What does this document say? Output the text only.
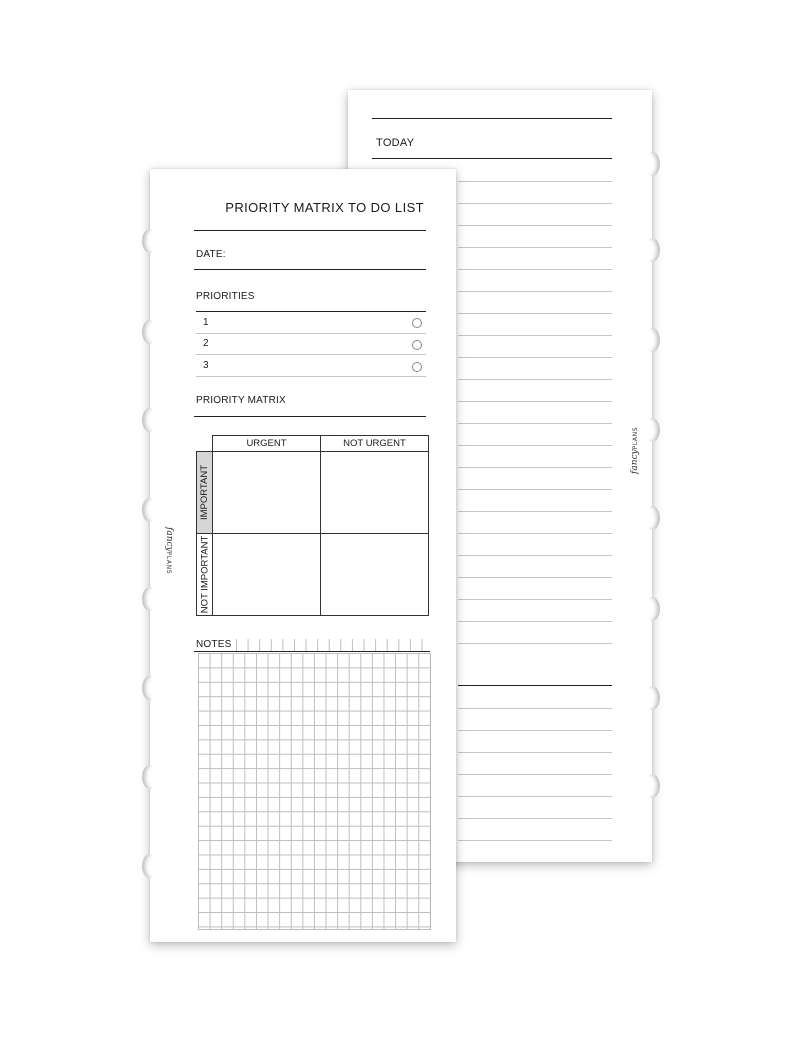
TODAY
fancyPLANS
PRIORITY MATRIX TO DO LIST
DATE:
PRIORITIES
1
2
3
PRIORITY MATRIX
URGENT	NOT URGENT
IMPORTANT
NOT IMPORTANT
NOTES
fancyPLANS
